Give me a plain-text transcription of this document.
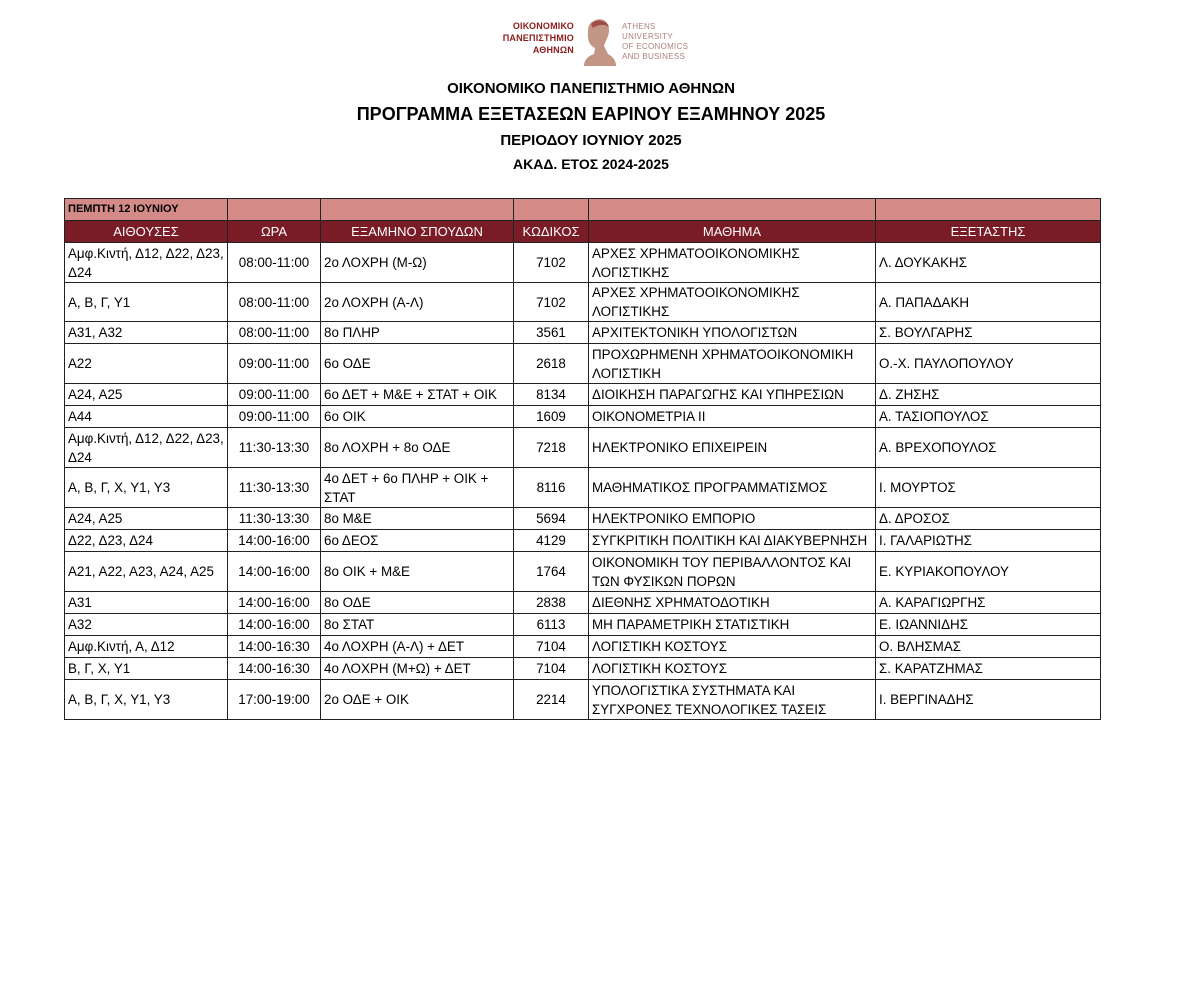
ΟΙΚΟΝΟΜΙΚΟ
ΠΑΝΕΠΙΣΤΗΜΙΟ
ΑΘΗΝΩΝ
ATHENS UNIVERSITY
OF ECONOMICS
AND BUSINESS
ΟΙΚΟΝΟΜΙΚΟ ΠΑΝΕΠΙΣΤΗΜΙΟ ΑΘΗΝΩΝ
ΠΡΟΓΡΑΜΜΑ ΕΞΕΤΑΣΕΩΝ ΕΑΡΙΝΟΥ ΕΞΑΜΗΝΟΥ 2025
ΠΕΡΙΟΔΟΥ ΙΟΥΝΙΟΥ 2025
ΑΚΑΔ. ΕΤΟΣ 2024-2025
ΠΕΜΠΤΗ 12 ΙΟΥΝΙΟΥ					
ΑΙΘΟΥΣΕΣ	ΩΡΑ	ΕΞΑΜΗΝΟ ΣΠΟΥΔΩΝ	ΚΩΔΙΚΟΣ	ΜΑΘΗΜΑ	ΕΞΕΤΑΣΤΗΣ
Αμφ.Κιντή, Δ12, Δ22, Δ23, Δ24	08:00-11:00	2ο ΛΟΧΡΗ (Μ-Ω)	7102	ΑΡΧΕΣ ΧΡΗΜΑΤΟΟΙΚΟΝΟΜΙΚΗΣ ΛΟΓΙΣΤΙΚΗΣ	Λ. ΔΟΥΚΑΚΗΣ
Α, Β, Γ, Υ1	08:00-11:00	2ο ΛΟΧΡΗ (Α-Λ)	7102	ΑΡΧΕΣ ΧΡΗΜΑΤΟΟΙΚΟΝΟΜΙΚΗΣ ΛΟΓΙΣΤΙΚΗΣ	Α. ΠΑΠΑΔΑΚΗ
Α31, Α32	08:00-11:00	8ο ΠΛΗΡ	3561	ΑΡΧΙΤΕΚΤΟΝΙΚΗ ΥΠΟΛΟΓΙΣΤΩΝ	Σ. ΒΟΥΛΓΑΡΗΣ
Α22	09:00-11:00	6ο ΟΔΕ	2618	ΠΡΟΧΩΡΗΜΕΝΗ ΧΡΗΜΑΤΟΟΙΚΟΝΟΜΙΚΗ ΛΟΓΙΣΤΙΚΗ	Ο.-Χ. ΠΑΥΛΟΠΟΥΛΟΥ
Α24, Α25	09:00-11:00	6ο ΔΕΤ + Μ&Ε + ΣΤΑΤ + ΟΙΚ	8134	ΔΙΟΙΚΗΣΗ ΠΑΡΑΓΩΓΗΣ ΚΑΙ ΥΠΗΡΕΣΙΩΝ	Δ. ΖΗΣΗΣ
Α44	09:00-11:00	6ο ΟΙΚ	1609	ΟΙΚΟΝΟΜΕΤΡΙΑ ΙΙ	Α. ΤΑΣΙΟΠΟΥΛΟΣ
Αμφ.Κιντή, Δ12, Δ22, Δ23, Δ24	11:30-13:30	8ο ΛΟΧΡΗ + 8ο ΟΔΕ	7218	ΗΛΕΚΤΡΟΝΙΚΟ ΕΠΙΧΕΙΡΕΙΝ	Α. ΒΡΕΧΟΠΟΥΛΟΣ
Α, Β, Γ, Χ, Υ1, Υ3	11:30-13:30	4ο ΔΕΤ + 6ο ΠΛΗΡ + ΟΙΚ + ΣΤΑΤ	8116	ΜΑΘΗΜΑΤΙΚΟΣ ΠΡΟΓΡΑΜΜΑΤΙΣΜΟΣ	Ι. ΜΟΥΡΤΟΣ
Α24, Α25	11:30-13:30	8ο Μ&Ε	5694	ΗΛΕΚΤΡΟΝΙΚΟ ΕΜΠΟΡΙΟ	Δ. ΔΡΟΣΟΣ
Δ22, Δ23, Δ24	14:00-16:00	6ο ΔΕΟΣ	4129	ΣΥΓΚΡΙΤΙΚΗ ΠΟΛΙΤΙΚΗ ΚΑΙ ΔΙΑΚΥΒΕΡΝΗΣΗ	Ι. ΓΑΛΑΡΙΩΤΗΣ
Α21, Α22, Α23, Α24, Α25	14:00-16:00	8ο ΟΙΚ + Μ&Ε	1764	ΟΙΚΟΝΟΜΙΚΗ ΤΟΥ ΠΕΡΙΒΑΛΛΟΝΤΟΣ ΚΑΙ ΤΩΝ ΦΥΣΙΚΩΝ ΠΟΡΩΝ	Ε. ΚΥΡΙΑΚΟΠΟΥΛΟΥ
Α31	14:00-16:00	8ο ΟΔΕ	2838	ΔΙΕΘΝΗΣ ΧΡΗΜΑΤΟΔΟΤΙΚΗ	Α. ΚΑΡΑΓΙΩΡΓΗΣ
Α32	14:00-16:00	8ο ΣΤΑΤ	6113	ΜΗ ΠΑΡΑΜΕΤΡΙΚΗ ΣΤΑΤΙΣΤΙΚΗ	Ε. ΙΩΑΝΝΙΔΗΣ
Αμφ.Κιντή, Α, Δ12	14:00-16:30	4ο ΛΟΧΡΗ (Α-Λ) + ΔΕΤ	7104	ΛΟΓΙΣΤΙΚΗ ΚΟΣΤΟΥΣ	Ο. ΒΛΗΣΜΑΣ
Β, Γ, Χ, Υ1	14:00-16:30	4ο ΛΟΧΡΗ (Μ+Ω) + ΔΕΤ	7104	ΛΟΓΙΣΤΙΚΗ ΚΟΣΤΟΥΣ	Σ. ΚΑΡΑΤΖΗΜΑΣ
Α, Β, Γ, Χ, Υ1, Υ3	17:00-19:00	2ο ΟΔΕ + ΟΙΚ	2214	ΥΠΟΛΟΓΙΣΤΙΚΑ ΣΥΣΤΗΜΑΤΑ ΚΑΙ ΣΥΓΧΡΟΝΕΣ ΤΕΧΝΟΛΟΓΙΚΕΣ ΤΑΣΕΙΣ	Ι. ΒΕΡΓΙΝΑΔΗΣ
